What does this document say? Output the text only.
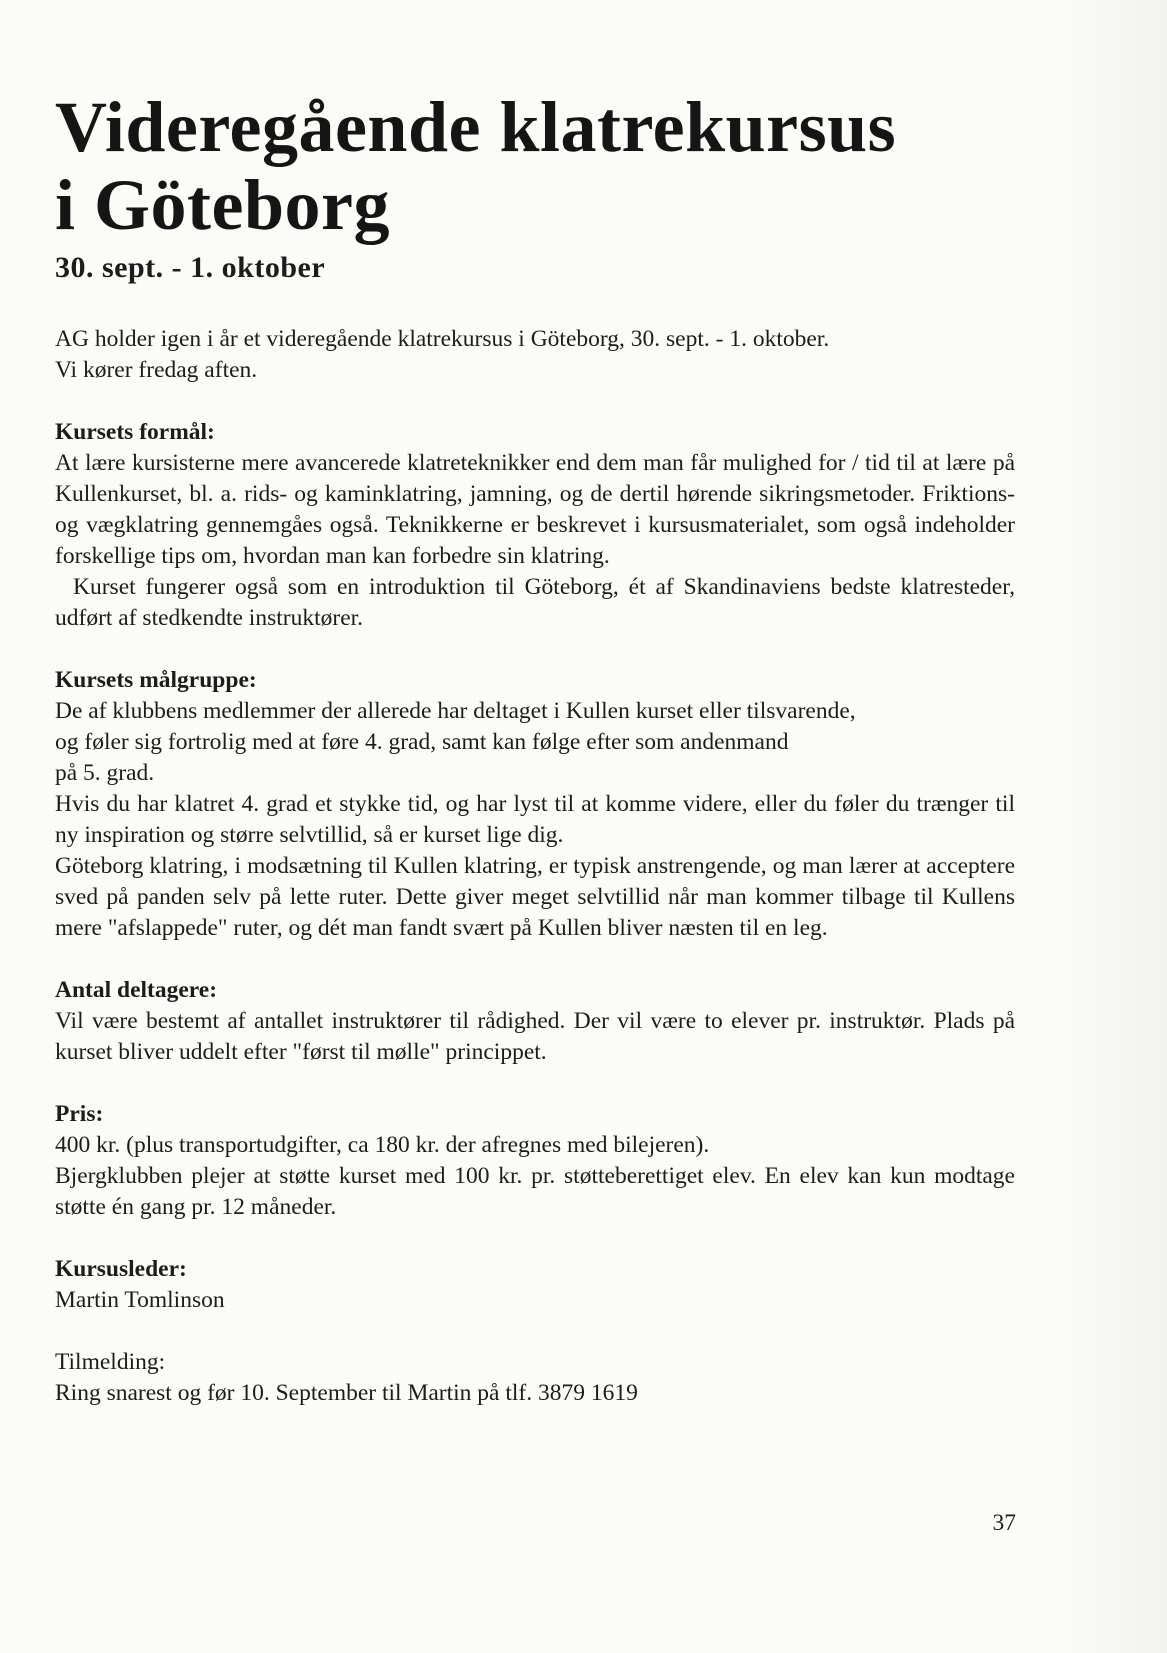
Videregående klatrekursus
i Göteborg

30. sept. - 1. oktober

AG holder igen i år et videregående klatrekursus i Göteborg, 30. sept. - 1. oktober.
Vi kører fredag aften.

Kursets formål:

At lære kursisterne mere avancerede klatreteknikker end dem man får mulighed for / tid til at lære på Kullenkurset, bl. a. rids- og kaminklatring, jamning, og de dertil hørende sikringsmetoder. Friktions- og vægklatring gennemgåes også. Teknikkerne er beskrevet i kursusmaterialet, som også indeholder forskellige tips om, hvordan man kan forbedre sin klatring.

Kurset fungerer også som en introduktion til Göteborg, ét af Skandinaviens bedste klatresteder, udført af stedkendte instruktører.

Kursets målgruppe:

De af klubbens medlemmer der allerede har deltaget i Kullen kurset eller tilsvarende,
og føler sig fortrolig med at føre 4. grad, samt kan følge efter som andenmand
på 5. grad.

Hvis du har klatret 4. grad et stykke tid, og har lyst til at komme videre, eller du føler du trænger til ny inspiration og større selvtillid, så er kurset lige dig.

Göteborg klatring, i modsætning til Kullen klatring, er typisk anstrengende, og man lærer at acceptere sved på panden selv på lette ruter. Dette giver meget selvtillid når man kommer tilbage til Kullens mere "afslappede" ruter, og dét man fandt svært på Kullen bliver næsten til en leg.

Antal deltagere:

Vil være bestemt af antallet instruktører til rådighed. Der vil være to elever pr. instruktør. Plads på kurset bliver uddelt efter "først til mølle" princippet.

Pris:

400 kr. (plus transportudgifter, ca 180 kr. der afregnes med bilejeren).

Bjergklubben plejer at støtte kurset med 100 kr. pr. støtteberettiget elev. En elev kan kun modtage støtte én gang pr. 12 måneder.

Kursusleder:

Martin Tomlinson

Tilmelding:

Ring snarest og før 10. September til Martin på tlf. 3879 1619

37
